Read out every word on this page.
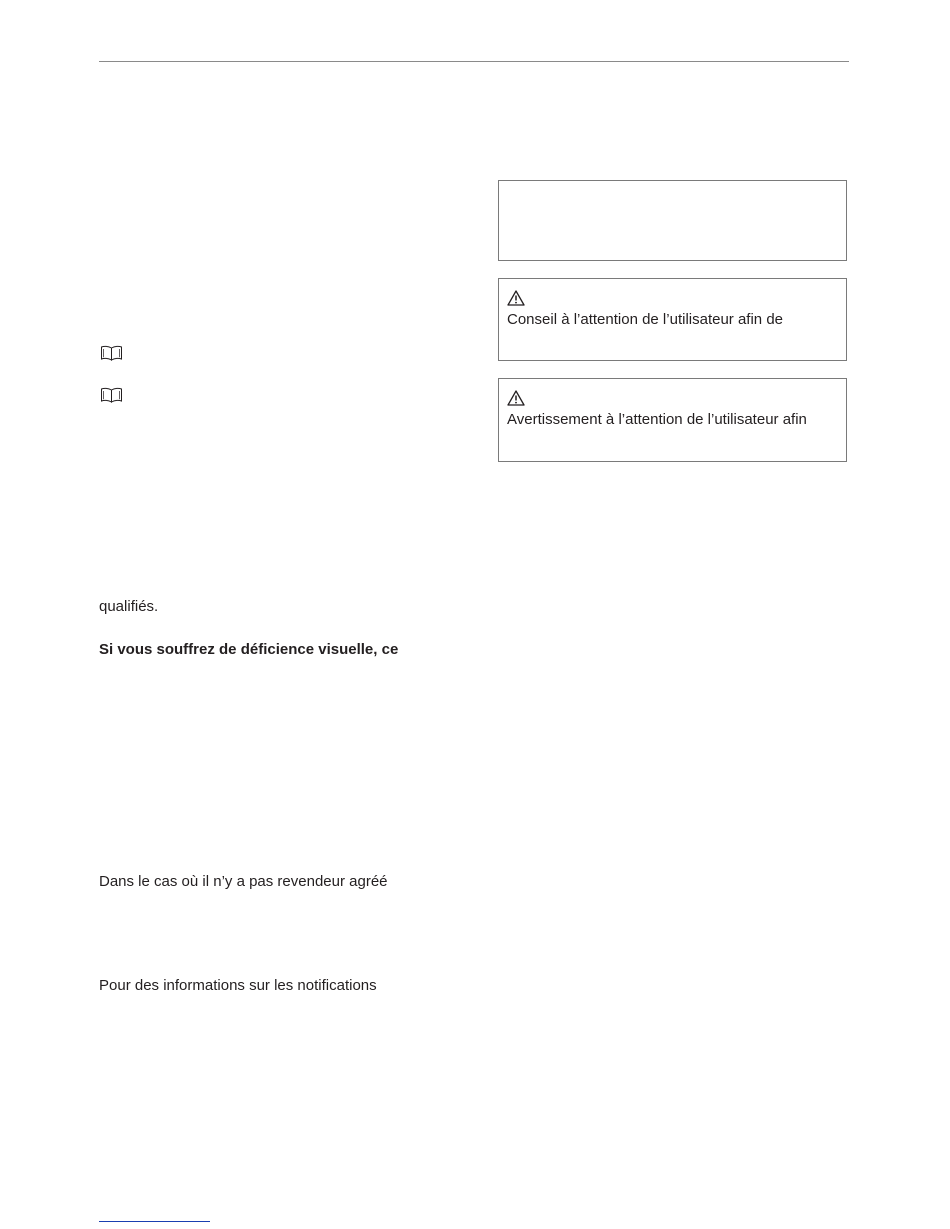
Conseil à l’attention de l’utilisateur afin de
Avertissement à l’attention de l’utilisateur afin
qualifiés.
Si vous souffrez de déficience visuelle, ce
Dans le cas où il n’y a pas revendeur agréé
Pour des informations sur les notifications
